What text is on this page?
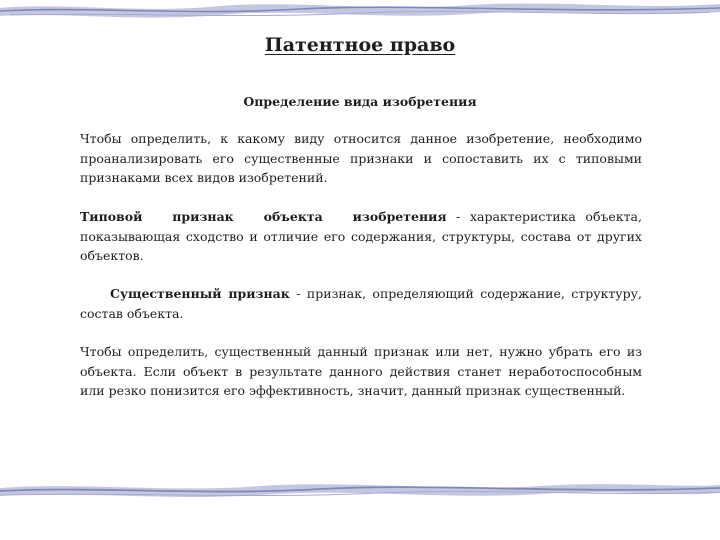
Патентное право
Определение вида изобретения

Чтобы определить, к какому виду относится данное изобретение, необходимо проанализировать его существенные признаки и сопоставить их с типовыми признаками всех видов изобретений.

Типовой признак объекта изобретения - характеристика объекта, показывающая сходство и отличие его содержания, структуры, состава от других объектов.

Существенный признак - признак, определяющий содержание, структуру, состав объекта.

Чтобы определить, существенный данный признак или нет, нужно убрать его из объекта. Если объект в результате данного действия станет неработоспособным или резко понизится его эффективность, значит, данный признак существенный.
